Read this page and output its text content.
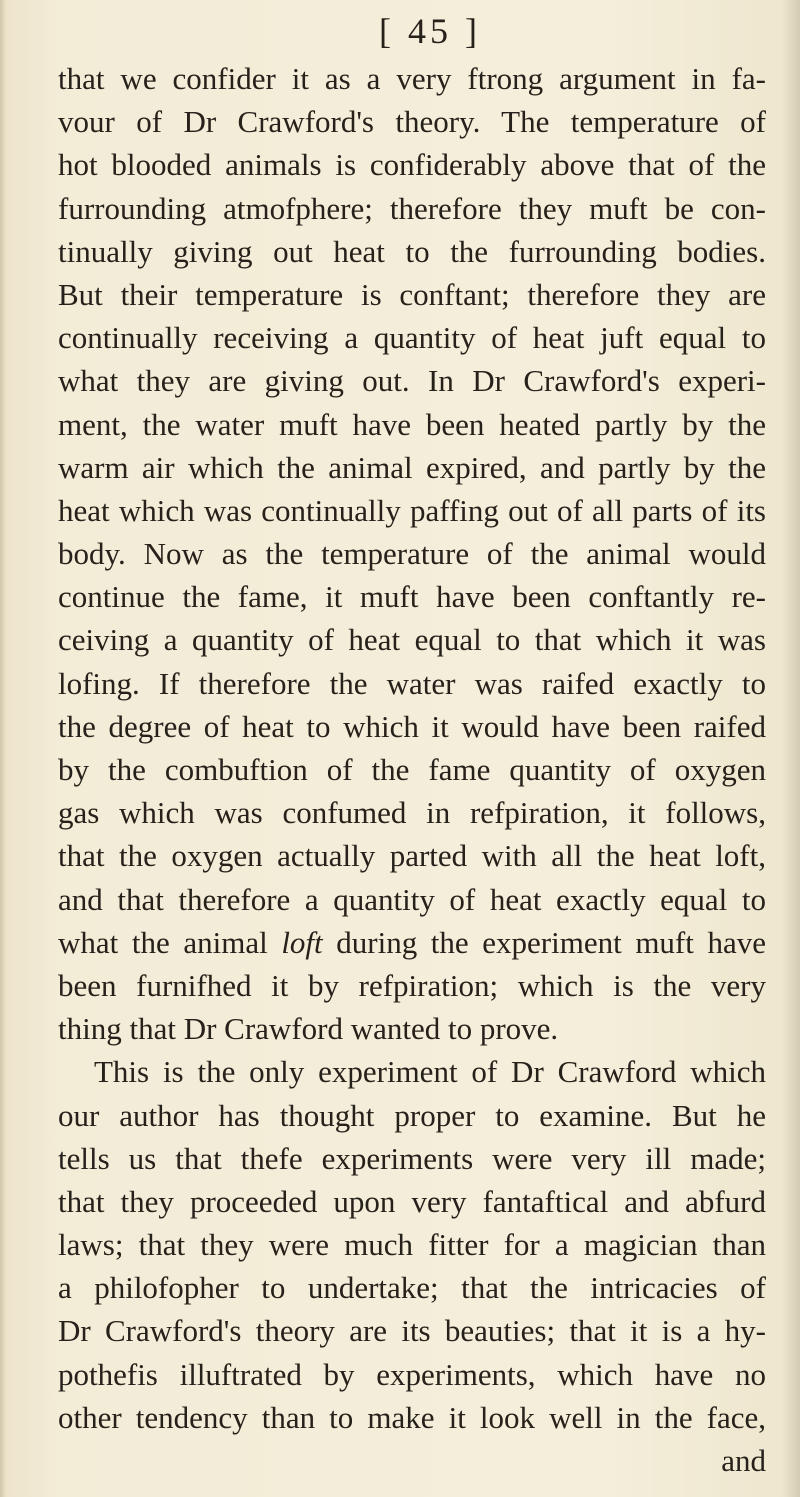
[ 45 ]
that we confider it as a very ftrong argument in fa-
vour of Dr Crawford's theory. The temperature of
hot blooded animals is confiderably above that of the
furrounding atmofphere; therefore they muft be con-
tinually giving out heat to the furrounding bodies.
But their temperature is conftant; therefore they are
continually receiving a quantity of heat juft equal to
what they are giving out. In Dr Crawford's experi-
ment, the water muft have been heated partly by the
warm air which the animal expired, and partly by the
heat which was continually paffing out of all parts of its
body. Now as the temperature of the animal would
continue the fame, it muft have been conftantly re-
ceiving a quantity of heat equal to that which it was
lofing. If therefore the water was raifed exactly to
the degree of heat to which it would have been raifed
by the combuftion of the fame quantity of oxygen
gas which was confumed in refpiration, it follows,
that the oxygen actually parted with all the heat loft,
and that therefore a quantity of heat exactly equal to
what the animal loft during the experiment muft have
been furnifhed it by refpiration; which is the very
thing that Dr Crawford wanted to prove.
This is the only experiment of Dr Crawford which
our author has thought proper to examine. But he
tells us that thefe experiments were very ill made;
that they proceeded upon very fantaftical and abfurd
laws; that they were much fitter for a magician than
a philofopher to undertake; that the intricacies of
Dr Crawford's theory are its beauties; that it is a hy-
pothefis illuftrated by experiments, which have no
other tendency than to make it look well in the face,
and
